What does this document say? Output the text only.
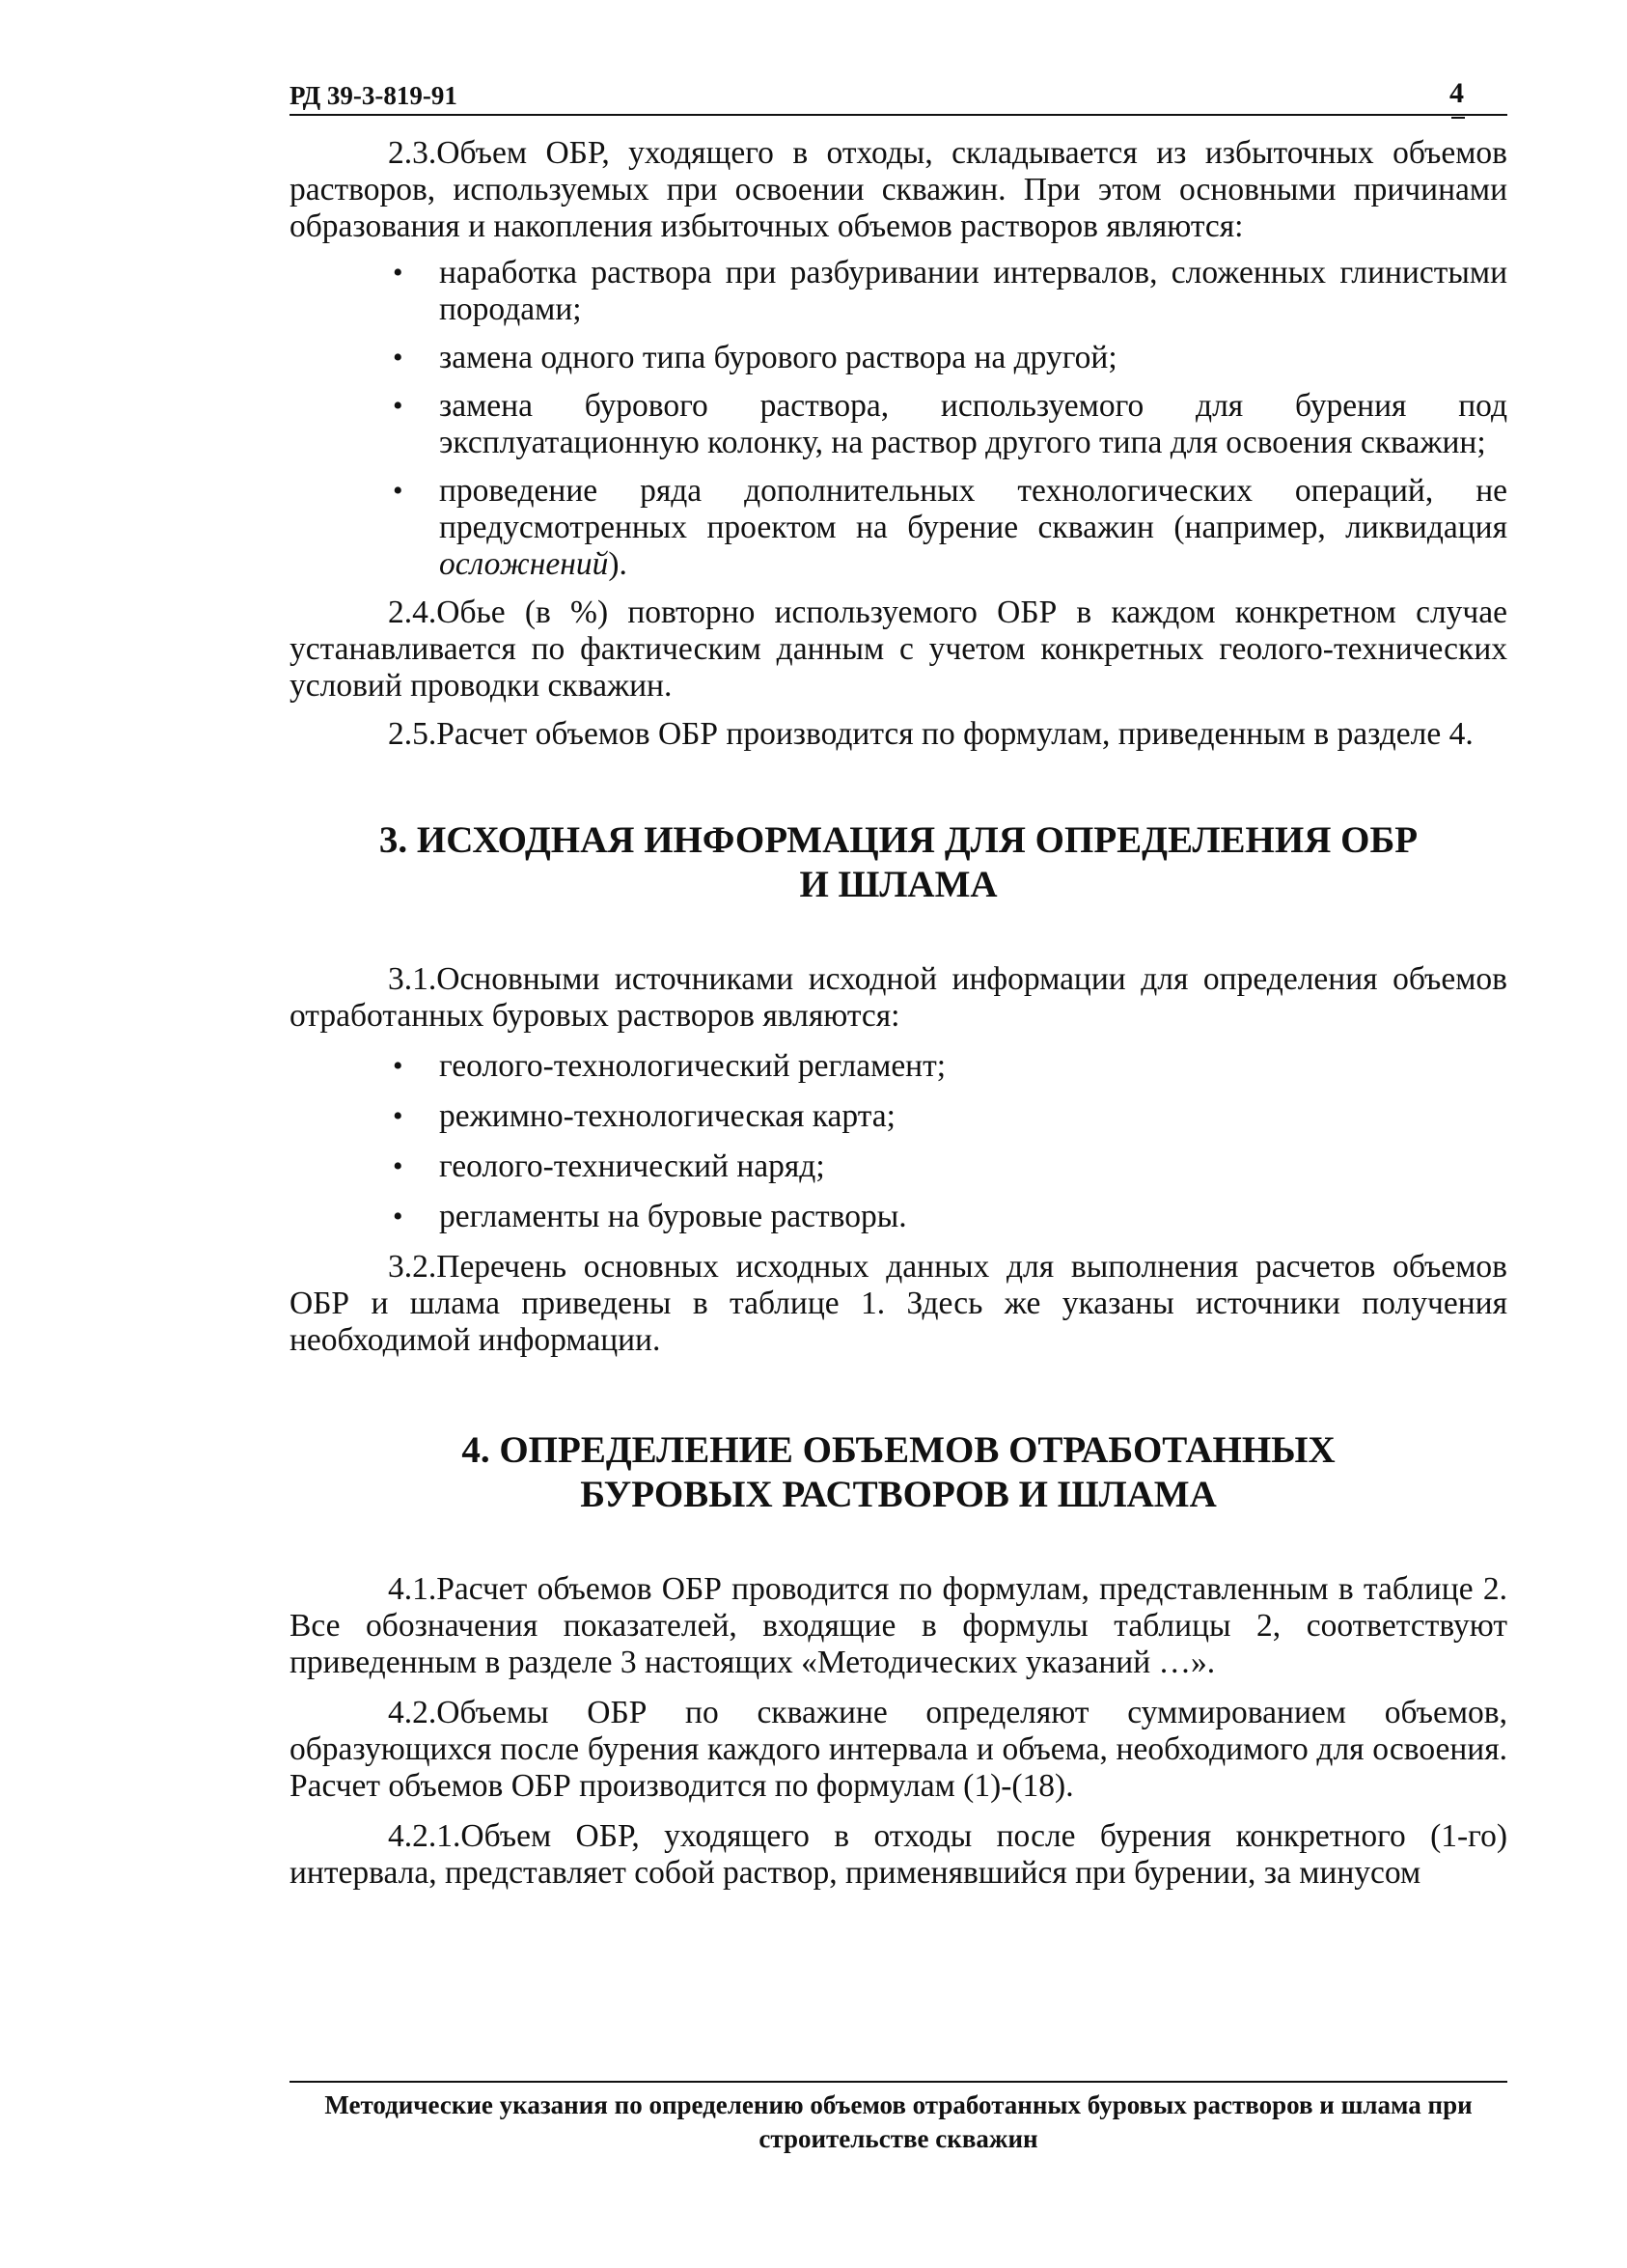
РД 39-3-819-91	4

2.3.Объем ОБР, уходящего в отходы, складывается из избыточных объемов растворов, используемых при освоении скважин. При этом основными причинами образования и накопления избыточных объемов растворов являются:

• наработка раствора при разбуривании интервалов, сложенных глинистыми породами;
• замена одного типа бурового раствора на другой;
• замена бурового раствора, используемого для бурения под эксплуатационную колонку, на раствор другого типа для освоения скважин;
• проведение ряда дополнительных технологических операций, не предусмотренных проектом на бурение скважин (например, ликвидация осложнений).

2.4.Обье (в %) повторно используемого ОБР в каждом конкретном случае устанавливается по фактическим данным с учетом конкретных геолого-технических условий проводки скважин.

2.5.Расчет объемов ОБР производится по формулам, приведенным в разделе 4.

3. ИСХОДНАЯ ИНФОРМАЦИЯ ДЛЯ ОПРЕДЕЛЕНИЯ ОБР
И ШЛАМА

3.1.Основными источниками исходной информации для определения объемов отработанных буровых растворов являются:

• геолого-технологический регламент;
• режимно-технологическая карта;
• геолого-технический наряд;
• регламенты на буровые растворы.

3.2.Перечень основных исходных данных для выполнения расчетов объемов ОБР и шлама приведены в таблице 1. Здесь же указаны источники получения необходимой информации.

4. ОПРЕДЕЛЕНИЕ ОБЪЕМОВ ОТРАБОТАННЫХ
БУРОВЫХ РАСТВОРОВ И ШЛАМА

4.1.Расчет объемов ОБР проводится по формулам, представленным в таблице 2. Все обозначения показателей, входящие в формулы таблицы 2, соответствуют приведенным в разделе 3 настоящих «Методических указаний …».

4.2.Объемы ОБР по скважине определяют суммированием объемов, образующихся после бурения каждого интервала и объема, необходимого для освоения. Расчет объемов ОБР производится по формулам (1)-(18).

4.2.1.Объем ОБР, уходящего в отходы после бурения конкретного (1-го) интервала, представляет собой раствор, применявшийся при бурении, за минусом

Методические указания по определению объемов отработанных буровых растворов и шлама при
строительстве скважин
